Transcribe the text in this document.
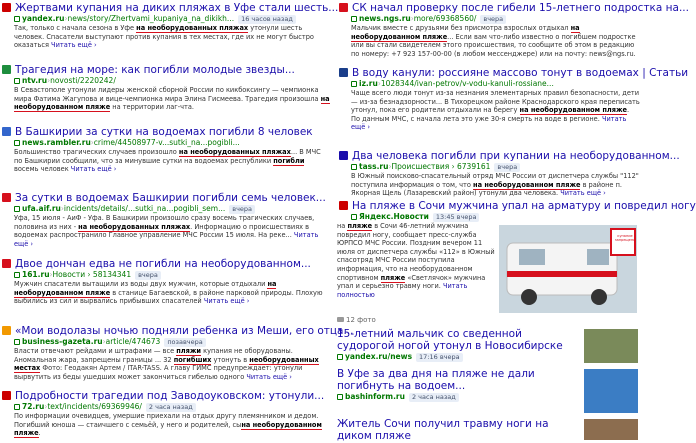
Жертвами купания на диких пляжах в Уфе стали шесть...
yandex.ru › news/story/Zhertvami_kupaniya_na_dikikh...	16 часов назад
Так, только с начала сезона в Уфе на необорудованных пляжах утонули шесть человек. Спасатели выступают против купания в тех местах, где их не могут быстро оказаться Читать ещё ›
Трагедия на море: как погибли молодые звезды...
ntv.ru › novosti/2220242/
В Севастополе утонули лидеры женской сборной России по кикбоксингу — чемпионка мира Фатима Жагупова и вице-чемпионка мира Элина Гисмеева. Трагедия произошла на необорудованном пляже на территории лаг-чта.
В Башкирии за сутки на водоемах погибли 8 человек
news.rambler.ru › crime/44508977-v...sutki_na...pogibli...
Большинство трагических случаев произошло на необорудованных пляжах... В МЧС по Башкирии сообщили, что за минувшие сутки на водоемах республики погибли восемь человек Читать ещё ›
За сутки в водоемах Башкирии погибли семь человек...
ufa.aif.ru › incidents/details/...sutki_na...pogibli_sem...	вчера
Уфа, 15 июля - АиФ - Уфа. В Башкирии произошло сразу восемь трагических случаев, половина из них - на необорудованных пляжах. Информацию о происшествиях в водоемах распространило Главное управление МЧС России 15 июля. На реке... Читать ещё ›
Двое дончан едва не погибли на необорудованном...
161.ru › Новости › 58134341	вчера
Мужчин спасатели вытащили из воды двух мужчин, которые отдыхали на необорудованном пляже в станице Багаевской, в районе парковой природы. Плохую выбились из сил и вырвались прибывших спасателей Читать ещё ›
«Мои водолазы ночью подняли ребенка из Меши, его отца...
business-gazeta.ru › article/474673	позавчера
Власти отвечают рейдами и штрафами — все пляжи купания не оборудованы. Аномальная жара, запрещены границы ... 32 погибших утонуть в необорудованных местах Фото: Геодакян Артем / ITAR-TASS. А главу ГИМС предупреждает: утонули вырвутить из беды ушедших может закончиться гибелью одного Читать ещё ›
Подробности трагедии под Заводоуковском: утонули...
72.ru › text/incidents/69369946/	2 часа назад
По информации очевидцев, умершие приехали на отдых другу племянником и дедом. Погибший юноша — стаичшего с семьёй, у него и родителей, сына необорудованном пляже.
СК начал проверку после гибели 15-летнего подростка на...
news.ngs.ru › more/69368560/	вчера
Мальчик вместе с друзьями без присмотра взрослых отдыхал на необорудованном пляже... Если вам что-либо известно о погибшем подростке или вы стали свидетелем этого происшествия, то сообщите об этом в редакцию по номеру: +7 923 157-00-00 (в любом мессенджере) или на почту: news@ngs.ru.
В воду канули: россияне массово тонут в водоемах | Статьи
iz.ru › 1028344/ivan-petrov/v-vodu-kanuli-rossiane...
Чаще всего люди тонут из-за незнания элементарных правил безопасности, дети — из-за безнадзорности... В Тихорецком районе Краснодарского края переписать утонул, пока его родители отдыхали на берегу на необорудованном пляже. По данным МЧС, с начала лета это уже 30-я смерть на воде в регионе. Читать ещё ›
Два человека погибли при купании на необорудованном...
tass.ru › Происшествия › 6739161	вчера
В Южный поисково-спасательный отряд МЧС России от диспетчера службы "112" поступила информация о том, что на необорудованном пляже в районе п. Якорная Щель (Лазаревский район) утонули два человека. Читать ещё ›
На пляже в Сочи мужчина упал на арматуру и повредил ногу
Яндекс.Новости	13:45 вчера
на пляже в Сочи 46-летний мужчина повредил ногу, сообщает пресс-служба ЮРПСО МЧС России. Поздним вечером 11 июля от диспетчера службы «112» в Южный спасотряд МЧС России поступила информация, что на необорудованном спортивном пляже «Светлячок» мужчина упал и серьезно травму ноги. Читать полностью
купание запрещено
12 фото
15-летний мальчик со сведенной судорогой ногой утонул в Новосибирске
yandex.ru/news	17:16 вчера
В Уфе за два дня на пляже не дали погибнуть на водоем...
bashinform.ru	2 часа назад
Житель Сочи получил травму ноги на диком пляже
